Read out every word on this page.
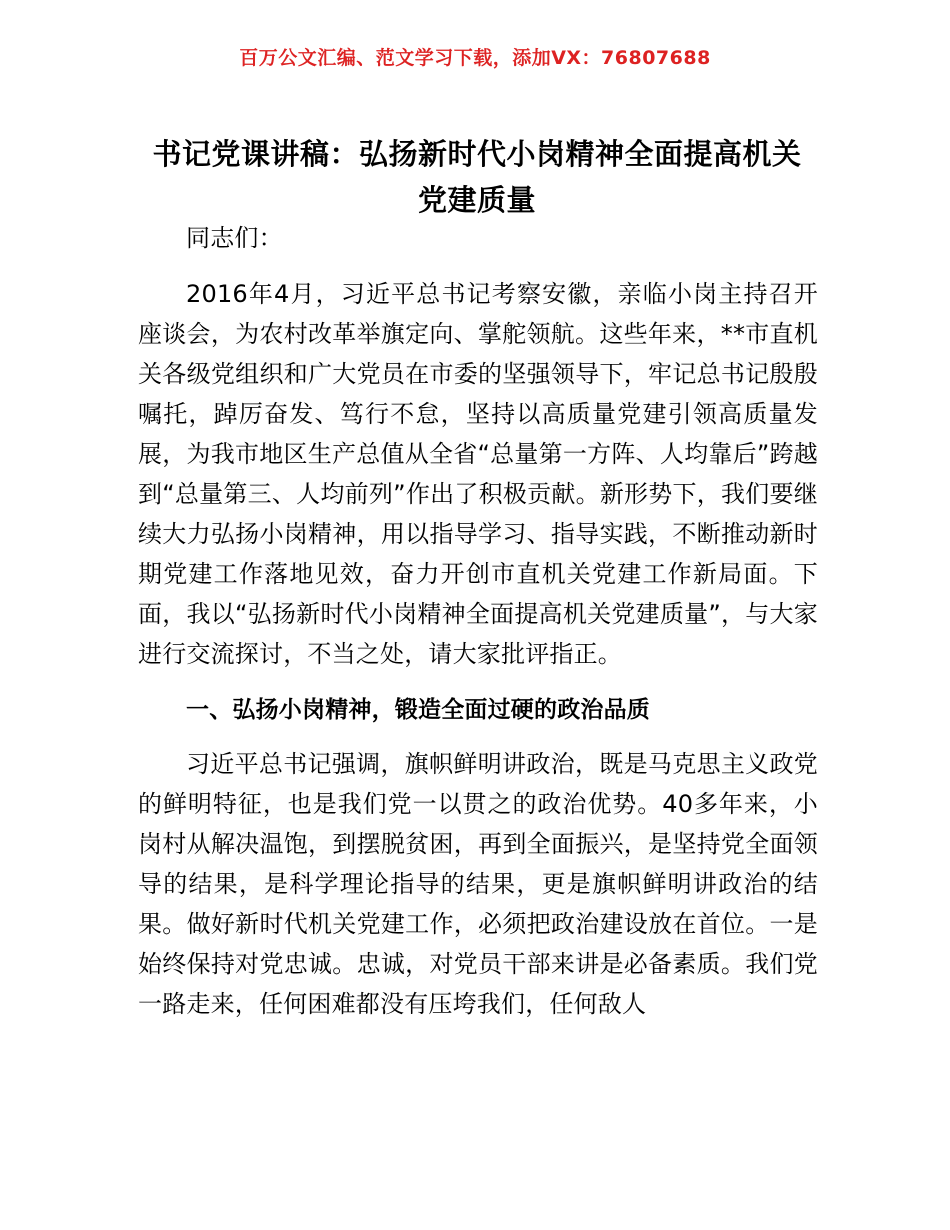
百万公文汇编、范文学习下载，添加VX：76807688
书记党课讲稿：弘扬新时代小岗精神全面提高机关党建质量

同志们：

2016年4月，习近平总书记考察安徽，亲临小岗主持召开座谈会，为农村改革举旗定向、掌舵领航。这些年来，**市直机关各级党组织和广大党员在市委的坚强领导下，牢记总书记殷殷嘱托，踔厉奋发、笃行不怠，坚持以高质量党建引领高质量发展，为我市地区生产总值从全省“总量第一方阵、人均靠后”跨越到“总量第三、人均前列”作出了积极贡献。新形势下，我们要继续大力弘扬小岗精神，用以指导学习、指导实践，不断推动新时期党建工作落地见效，奋力开创市直机关党建工作新局面。下面，我以“弘扬新时代小岗精神全面提高机关党建质量”，与大家进行交流探讨，不当之处，请大家批评指正。

一、弘扬小岗精神，锻造全面过硬的政治品质

习近平总书记强调，旗帜鲜明讲政治，既是马克思主义政党的鲜明特征，也是我们党一以贯之的政治优势。40多年来，小岗村从解决温饱，到摆脱贫困，再到全面振兴，是坚持党全面领导的结果，是科学理论指导的结果，更是旗帜鲜明讲政治的结果。做好新时代机关党建工作，必须把政治建设放在首位。一是始终保持对党忠诚。忠诚，对党员干部来讲是必备素质。我们党一路走来，任何困难都没有压垮我们，任何敌人
